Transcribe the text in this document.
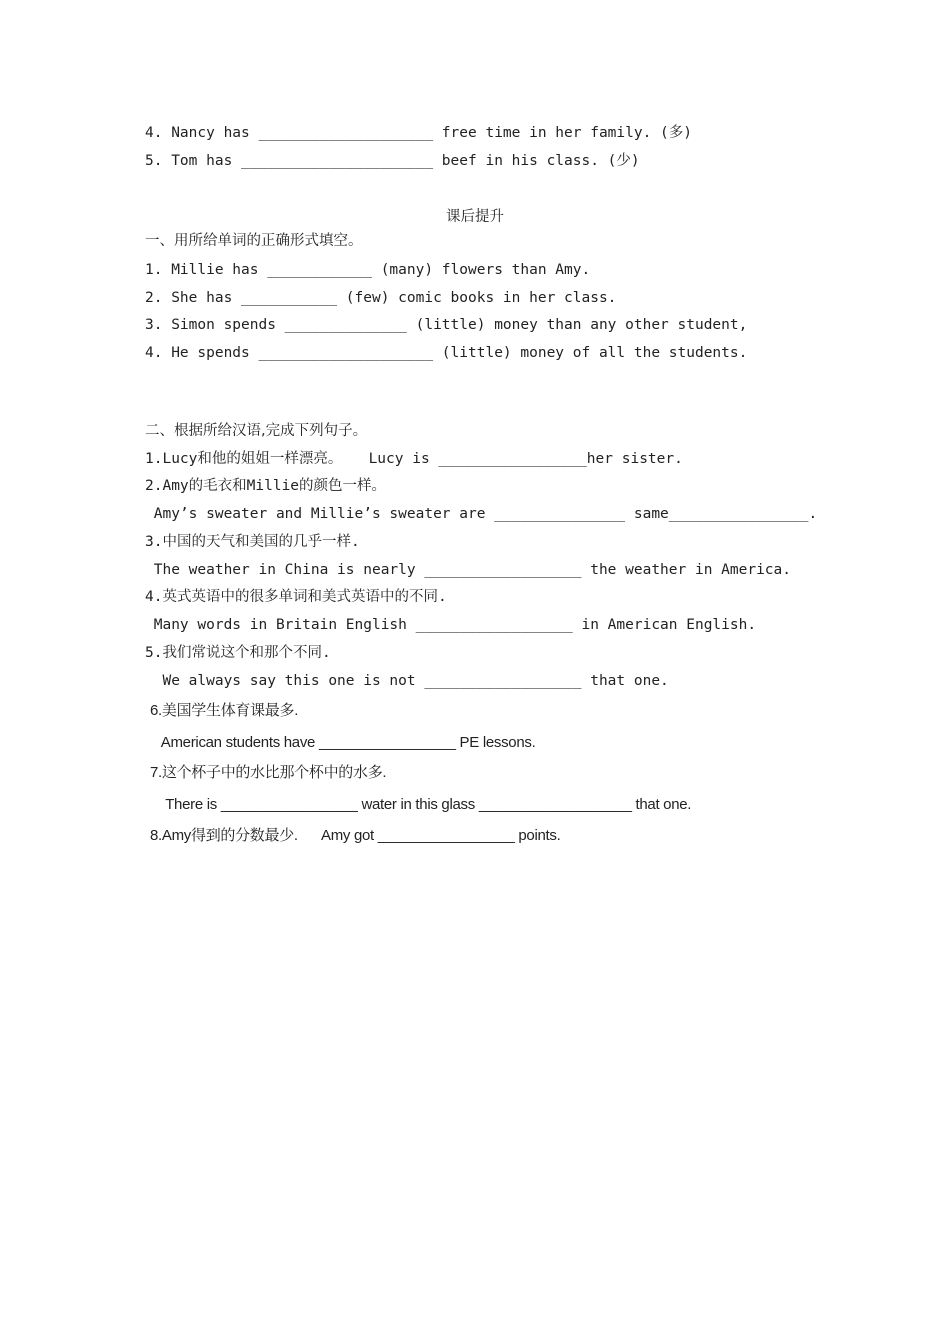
4. Nancy has ____________________ free time in her family. (多)
5. Tom has ______________________ beef in his class. (少)
课后提升
一、用所给单词的正确形式填空。
1. Millie has ____________ (many) flowers than Amy.
2. She has ___________ (few) comic books in her class.
3. Simon spends ______________ (little) money than any other student,
4. He spends ____________________ (little) money of all the students.
二、根据所给汉语,完成下列句子。
1.Lucy和他的姐姐一样漂亮。   Lucy is _________________her sister.
2.Amy的毛衣和Millie的颜色一样。
Amy’s sweater and Millie’s sweater are _______________ same________________.
3.中国的天气和美国的几乎一样.
The weather in China is nearly __________________ the weather in America.
4.英式英语中的很多单词和美式英语中的不同.
Many words in Britain English __________________ in American English.
5.我们常说这个和那个不同.
We always say this one is not __________________ that one.
6.美国学生体育课最多.
American students have _________________ PE lessons.
7.这个杯子中的水比那个杯中的水多.
There is _________________ water in this glass ___________________ that one.
8.Amy得到的分数最少.      Amy got _________________ points.
